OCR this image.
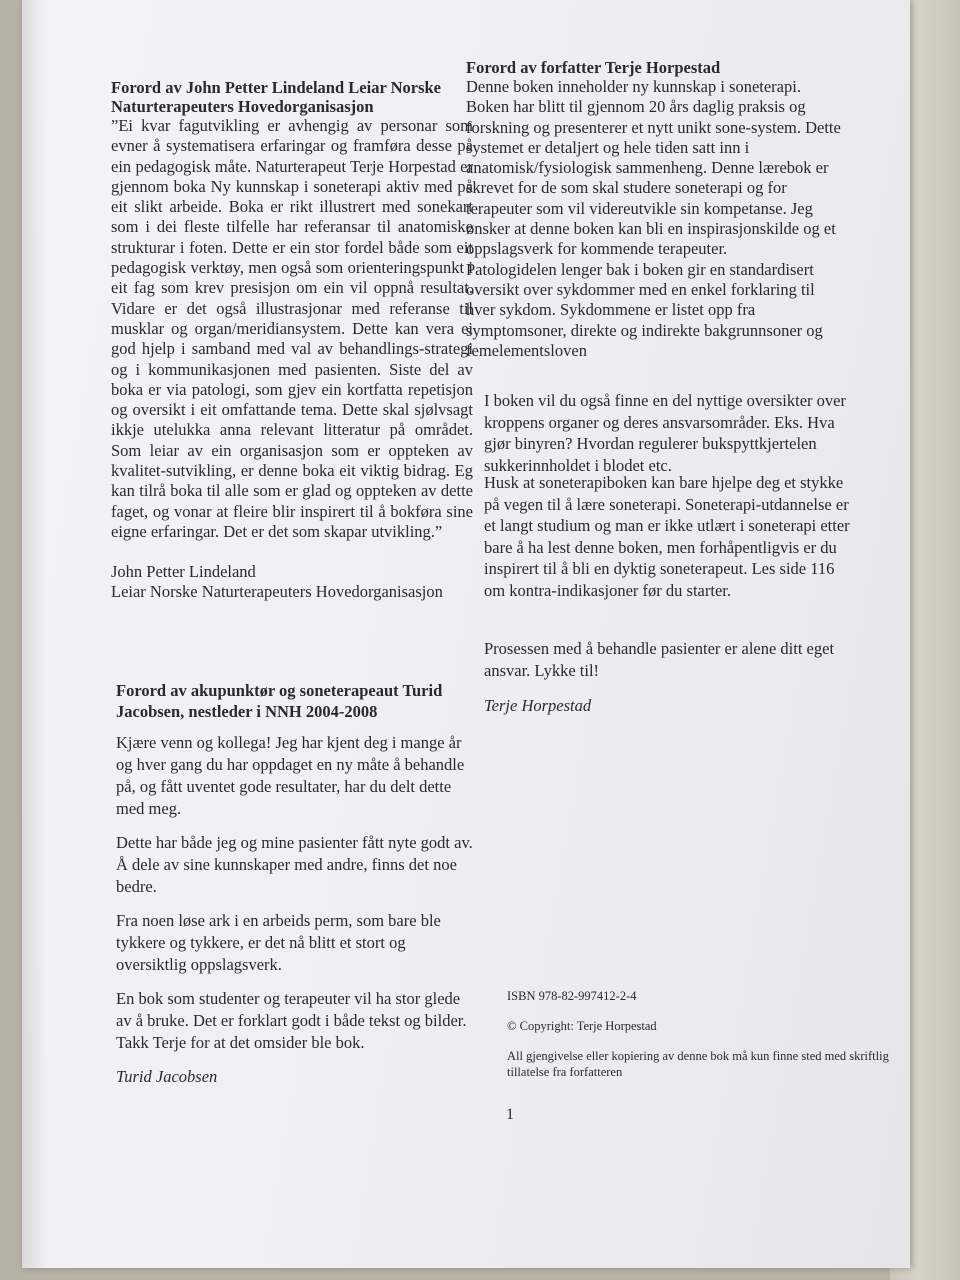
Forord av John Petter Lindeland Leiar Norske Naturterapeuters Hovedorganisasjon

”Ei kvar fagutvikling er avhengig av personar som evner å systematisera erfaringar og framføra desse på ein pedagogisk måte. Naturterapeut Terje Horpestad er gjennom boka Ny kunnskap i soneterapi aktiv med på eit slikt arbeide. Boka er rikt illustrert med sonekart som i dei fleste tilfelle har referansar til anatomiske strukturar i foten. Dette er ein stor fordel både som eit pedagogisk verktøy, men også som orienteringspunkt i eit fag som krev presisjon om ein vil oppnå resultat. Vidare er det også illustrasjonar med referanse til musklar og organ/meridiansystem. Dette kan vera ei god hjelp i samband med val av behandlings-strategi og i kommunikasjonen med pasienten. Siste del av boka er via patologi, som gjev ein kortfatta repetisjon og oversikt i eit omfattande tema. Dette skal sjølvsagt ikkje utelukka anna relevant litteratur på området. Som leiar av ein organisasjon som er oppteken av kvalitet-sutvikling, er denne boka eit viktig bidrag. Eg kan tilrå boka til alle som er glad og oppteken av dette faget, og vonar at fleire blir inspirert til å bokføra sine eigne erfaringar. Det er det som skapar utvikling.”

John Petter Lindeland

Leiar Norske Naturterapeuters Hovedorganisasjon

Forord av akupunktør og soneterapeaut Turid Jacobsen, nestleder i NNH 2004-2008

Kjære venn og kollega! Jeg har kjent deg i mange år og hver gang du har oppdaget en ny måte å behandle på, og fått uventet gode resultater, har du delt dette med meg.

Dette har både jeg og mine pasienter fått nyte godt av. Å dele av sine kunnskaper med andre, finns det noe bedre.

Fra noen løse ark i en arbeids perm, som bare ble tykkere og tykkere, er det nå blitt et stort og oversiktlig oppslagsverk.

En bok som studenter og terapeuter vil ha stor glede av å bruke. Det er forklart godt i både tekst og bilder. Takk Terje for at det omsider ble bok.

Turid Jacobsen

Forord av forfatter Terje Horpestad

Denne boken inneholder ny kunnskap i soneterapi. Boken har blitt til gjennom 20 års daglig praksis og forskning og presenterer et nytt unikt sone-system. Dette systemet er detaljert og hele tiden satt inn i anatomisk/fysiologisk sammenheng. Denne lærebok er skrevet for de som skal studere soneterapi og for terapeuter som vil videreutvikle sin kompetanse. Jeg ønsker at denne boken kan bli en inspirasjonskilde og et oppslagsverk for kommende terapeuter.

Patologidelen lenger bak i boken gir en standardisert oversikt over sykdommer med en enkel forklaring til hver sykdom. Sykdommene er listet opp fra symptomsoner, direkte og indirekte bakgrunnsoner og femelementsloven

I boken vil du også finne en del nyttige oversikter over kroppens organer og deres ansvarsområder. Eks. Hva gjør binyren? Hvordan regulerer bukspyttkjertelen sukkerinnholdet i blodet etc.

Husk at soneterapiboken kan bare hjelpe deg et stykke på vegen til å lære soneterapi. Soneterapi-utdannelse er et langt studium og man er ikke utlært i soneterapi etter bare å ha lest denne boken, men forhåpentligvis er du inspirert til å bli en dyktig soneterapeut. Les side 116 om kontra-indikasjoner før du starter.

Prosessen med å behandle pasienter er alene ditt eget ansvar. Lykke til!

Terje Horpestad

ISBN 978-82-997412-2-4

© Copyright: Terje Horpestad

All gjengivelse eller kopiering av denne bok må kun finne sted med skriftlig tillatelse fra forfatteren

1
